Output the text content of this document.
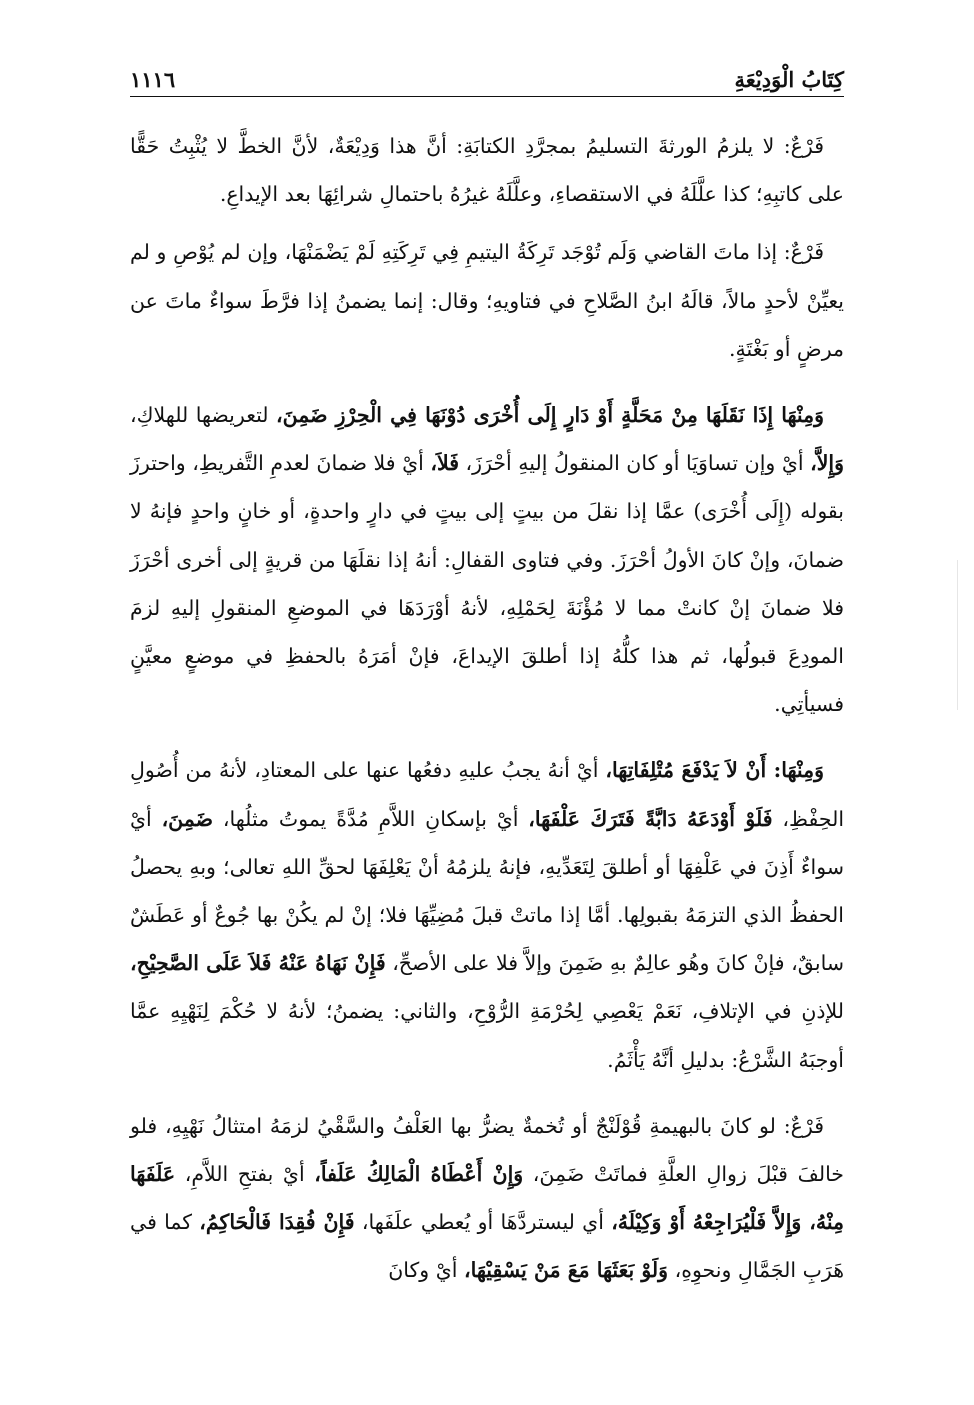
كِتَابُ الْوَدِيْعَةِ
١١١٦

فَرْعٌ: لا يلزمُ الورثةَ التسليمُ بمجرَّدِ الكتابَةِ: أنَّ هذا وَدِيْعَةٌ، لأنَّ الخطَّ لا يُثْبِتُ حَقًّا على كاتبِهِ؛ كذا علَّلَهُ في الاستقصاءِ، وعلَّلَهُ غيرُهُ باحتمالِ شرائِهَا بعد الإيداعِ.

فَرْعٌ: إذا ماتَ القاضي وَلَم تُوْجَد تَرِكَةُ اليتيمِ فِي تَرِكَتِهِ لَمْ يَضْمَنْهَا، وإن لم يُوْصِ و لم يعيِّنْ لأحدٍ مالاً، قالَهُ ابنُ الصَّلاحِ في فتاويهِ؛ وقال: إنما يضمنُ إذا فرَّطَ سواءٌ ماتَ عن مرضٍ أو بَغْتَةٍ.

وَمِنْهَا إِذَا نَقَلَهَا مِنْ مَحَلَّةٍ أَوْ دَارٍ إِلَى أُخْرَى دُوْنَهَا فِي الْحِرْزِ ضَمِنَ، لتعريضها للهلاكِ، وَإِلاَّ، أيْ وإن تساوَيَا أو كان المنقولُ إليهِ أحْرَزَ، فَلاَ، أيْ فلا ضمانَ لعدمِ التَّفريطِ، واحترزَ بقوله (إِلَى أُخْرَى) عمَّا إذا نقلَ من بيتٍ إلى بيتٍ في دارٍ واحدةٍ، أو خانٍ واحدٍ فإنهُ لا ضمانَ، وإنْ كانَ الأولُ أحْرَزَ. وفي فتاوى القفالِ: أنهُ إذا نقلَهَا من قريةٍ إلى أخرى أحْرَزَ فلا ضمانَ إنْ كانتْ مما لا مُؤْنَةَ لِحَمْلِهِ، لأنهُ أوْرَدَهَا في الموضعِ المنقولِ إليهِ لزمَ المودِعَ قبولُها، ثم هذا كلُّهُ إذا أطلقَ الإيداعَ، فإنْ أمَرَهُ بالحفظِ في موضعٍ معيَّنٍ فسيأتِي.

وَمِنْهَا: أَنْ لاَ يَدْفَعَ مُتْلِفَاتِهَا، أيْ أنهُ يجبُ عليهِ دفعُها عنها على المعتادِ، لأنهُ من أُصُولِ الحِفْظِ، فَلَوْ أَوْدَعَهُ دَابَّةً فَتَرَكَ عَلْفَهَا، أيْ بإسكانِ اللاَّمِ مُدَّةً يموتُ مثلُها، ضَمِنَ، أيْ سواءٌ أَذِنَ في عَلْفِهَا أو أطلقَ لِتَعَدِّيهِ، فإنهُ يلزمُهُ أنْ يَعْلِفَهَا لحقِّ اللهِ تعالى؛ وبهِ يحصلُ الحفظُ الذي التزمَهُ بقبولِها. أمَّا إذا ماتتْ قبلَ مُضِيِّهَا فلا؛ إنْ لم يكُنْ بها جُوعٌ أو عَطَشٌ سابقٌ، فإنْ كانَ وهُو عالِمٌ بهِ ضَمِنَ وإلاَّ فلا على الأصحِّ، فَإِنْ نَهَاهُ عَنْهُ فَلاَ عَلَى الصَّحِيْحِ، للإذنِ في الإتلافِ، نَعَمْ يَعْصِي لِحُرْمَةِ الرُّوْحِ، والثاني: يضمنُ؛ لأنهُ لا حُكْمَ لِنَهْيِهِ عمَّا أوجبَهُ الشَّرْعُ: بدليلِ أنَّهُ يَأْثَمُ.

فَرْعٌ: لو كانَ بالبهيمةِ قُوْلَنْجٌ أو تُخمةٌ يضرُّ بها العَلْفُ والسَّقْيُ لزمَهُ امتثالُ نَهْيِهِ، فلو خالفَ قبْلَ زوالِ العلَّةِ فماتَتْ ضَمِنَ، وَإِنْ أَعْطَاهُ الْمَالِكُ عَلَفاً، أيْ بفتحِ اللاَّمِ، عَلَفَهَا مِنْهُ، وَإِلاَّ فَلْيُرَاجِعْهُ أَوْ وَكِيْلَهُ، أي ليستردَّهَا أو يُعطي علَفَها، فَإِنْ فُقِدَا فَالْحَاكِمُ، كما في هَرَبِ الجَمَّالِ ونحوِهِ، وَلَوْ بَعَثَهَا مَعَ مَنْ يَسْقِيْهَا، أيْ وكانَ
